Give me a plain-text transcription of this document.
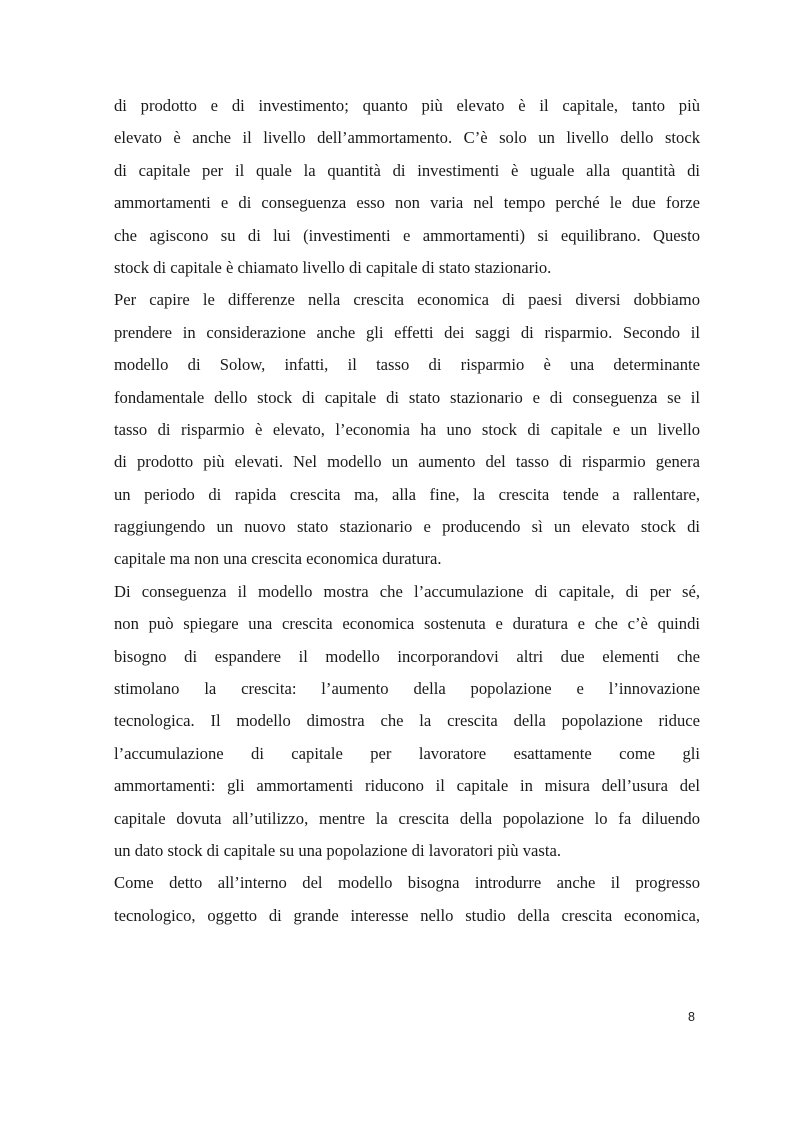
di prodotto e di investimento; quanto più elevato è il capitale, tanto più
elevato è anche il livello dell’ammortamento. C’è solo un livello dello stock
di capitale per il quale la quantità di investimenti è uguale alla quantità di
ammortamenti e di conseguenza esso non varia nel tempo perché le due forze
che agiscono su di lui (investimenti e ammortamenti) si equilibrano. Questo
stock di capitale è chiamato livello di capitale di stato stazionario.
Per capire le differenze nella crescita economica di paesi diversi dobbiamo
prendere in considerazione anche gli effetti dei saggi di risparmio. Secondo il
modello di Solow, infatti, il tasso di risparmio è una determinante
fondamentale dello stock di capitale di stato stazionario e di conseguenza se il
tasso di risparmio è elevato, l’economia ha uno stock di capitale e un livello
di prodotto più elevati. Nel modello un aumento del tasso di risparmio genera
un periodo di rapida crescita ma, alla fine, la crescita tende a rallentare,
raggiungendo un nuovo stato stazionario e producendo sì un elevato stock di
capitale ma non una crescita economica duratura.
Di conseguenza il modello mostra che l’accumulazione di capitale, di per sé,
non può spiegare una crescita economica sostenuta e duratura e che c’è quindi
bisogno di espandere il modello incorporandovi altri due elementi che
stimolano la crescita: l’aumento della popolazione e l’innovazione
tecnologica. Il modello dimostra che la crescita della popolazione riduce
l’accumulazione di capitale per lavoratore esattamente come gli
ammortamenti: gli ammortamenti riducono il capitale in misura dell’usura del
capitale dovuta all’utilizzo, mentre la crescita della popolazione lo fa diluendo
un dato stock di capitale su una popolazione di lavoratori più vasta.
Come detto all’interno del modello bisogna introdurre anche il progresso
tecnologico, oggetto di grande interesse nello studio della crescita economica,
8
